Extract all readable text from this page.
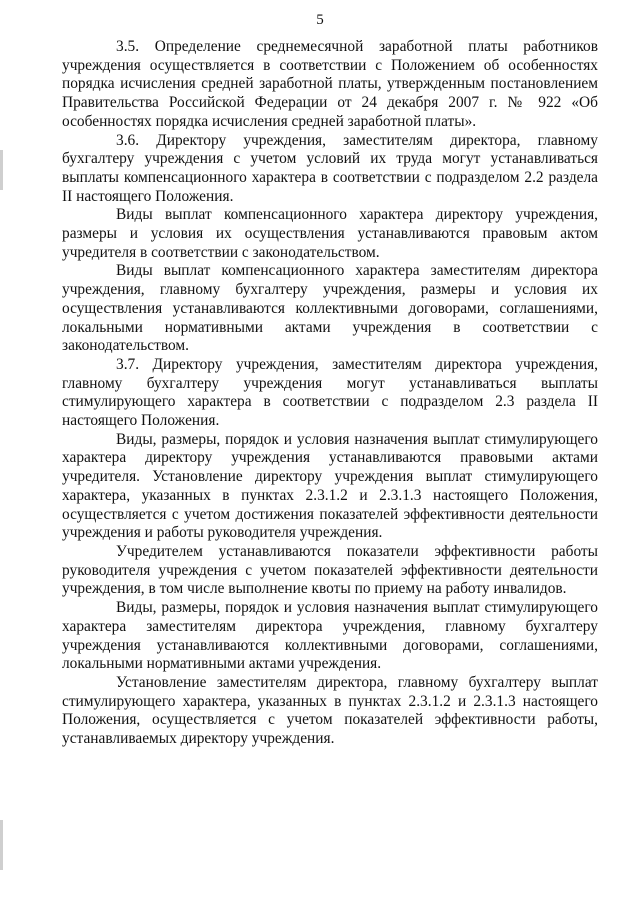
5

3.5. Определение среднемесячной заработной платы работников учреждения осуществляется в соответствии с Положением об особенностях порядка исчисления средней заработной платы, утвержденным постановлением Правительства Российской Федерации от 24 декабря 2007 г. № 922 «Об особенностях порядка исчисления средней заработной платы».

3.6. Директору учреждения, заместителям директора, главному бухгалтеру учреждения с учетом условий их труда могут устанавливаться выплаты компенсационного характера в соответствии с подразделом 2.2 раздела II настоящего Положения.

Виды выплат компенсационного характера директору учреждения, размеры и условия их осуществления устанавливаются правовым актом учредителя в соответствии с законодательством.

Виды выплат компенсационного характера заместителям директора учреждения, главному бухгалтеру учреждения, размеры и условия их осуществления устанавливаются коллективными договорами, соглашениями, локальными нормативными актами учреждения в соответствии с законодательством.

3.7. Директору учреждения, заместителям директора учреждения, главному бухгалтеру учреждения могут устанавливаться выплаты стимулирующего характера в соответствии с подразделом 2.3 раздела II настоящего Положения.

Виды, размеры, порядок и условия назначения выплат стимулирующего характера директору учреждения устанавливаются правовыми актами учредителя. Установление директору учреждения выплат стимулирующего характера, указанных в пунктах 2.3.1.2 и 2.3.1.3 настоящего Положения, осуществляется с учетом достижения показателей эффективности деятельности учреждения и работы руководителя учреждения.

Учредителем устанавливаются показатели эффективности работы руководителя учреждения с учетом показателей эффективности деятельности учреждения, в том числе выполнение квоты по приему на работу инвалидов.

Виды, размеры, порядок и условия назначения выплат стимулирующего характера заместителям директора учреждения, главному бухгалтеру учреждения устанавливаются коллективными договорами, соглашениями, локальными нормативными актами учреждения.

Установление заместителям директора, главному бухгалтеру выплат стимулирующего характера, указанных в пунктах 2.3.1.2 и 2.3.1.3 настоящего Положения, осуществляется с учетом показателей эффективности работы, устанавливаемых директору учреждения.
